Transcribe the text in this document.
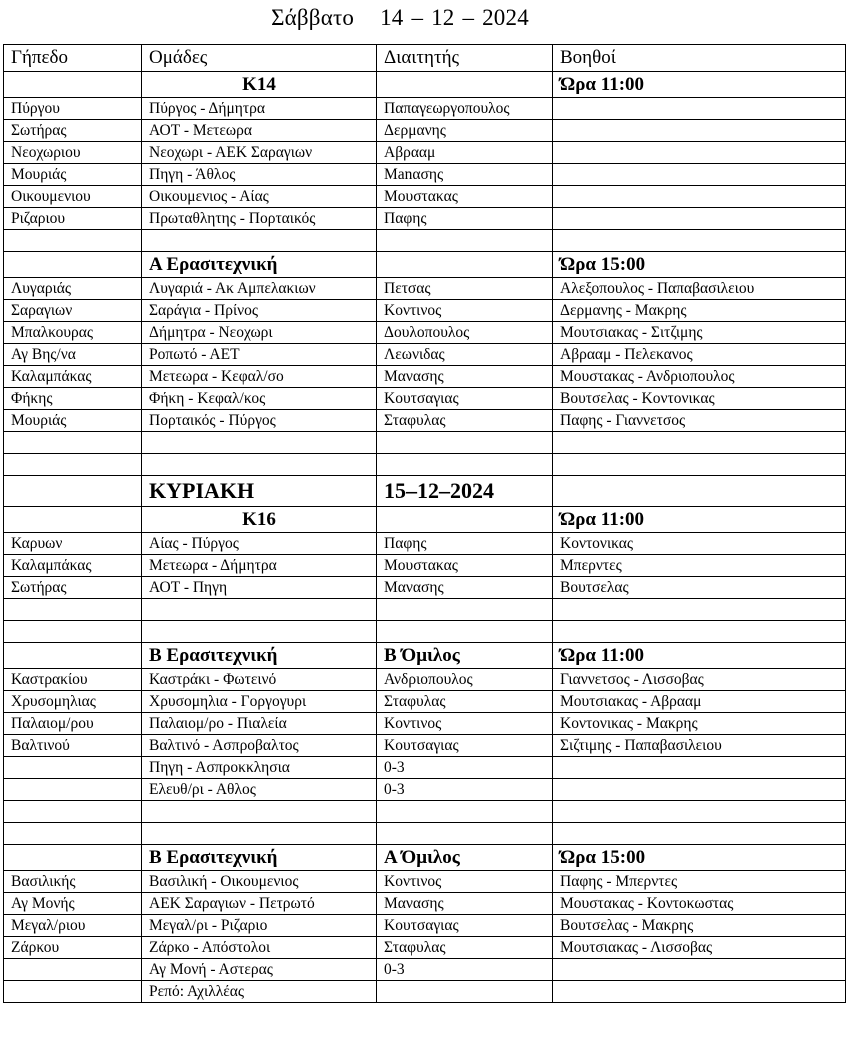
Σάββατο 14 – 12 – 2024
Γήπεδο	Ομάδες	Διαιτητής	Βοηθοί
	Κ14		Ώρα 11:00
Πύργου	Πύργος - Δήμητρα	Παπαγεωργοπουλος	
Σωτήρας	ΑΟΤ - Μετεωρα	Δερμανης	
Νεοχωριου	Νεοχωρι - ΑΕΚ Σαραγιων	Αβρααμ	
Μουριάς	Πηγη - Άθλος	Manασης	
Οικουμενιου	Οικουμενιος - Αίας	Μουστακας	
Ριζαριου	Πρωταθλητης - Πορταικός	Παφης	

	Α Ερασιτεχνική		Ώρα 15:00
Λυγαριάς	Λυγαριά - Ακ Αμπελακιων	Πετσας	Αλεξοπουλος - Παπαβασιλειου
Σαραγιων	Σαράγια - Πρίνος	Κοντινος	Δερμανης - Μακρης
Μπαλκουρας	Δήμητρα - Νεοχωρι	Δουλοπουλος	Μουτσιακας - Σιτζιμης
Αγ Βης/να	Ροπωτό - ΑΕΤ	Λεωνιδας	Αβρααμ - Πελεκανος
Καλαμπάκας	Μετεωρα - Κεφαλ/σο	Μανασης	Μουστακας - Ανδριοπουλος
Φήκης	Φήκη - Κεφαλ/κος	Κουτσαγιας	Βουτσελας - Κοντονικας
Μουριάς	Πορταικός - Πύργος	Σταφυλας	Παφης - Γιαννετσος

	ΚΥΡΙΑΚΗ	15–12–2024	
	Κ16		Ώρα 11:00
Καρυων	Αίας - Πύργος	Παφης	Κοντονικας
Καλαμπάκας	Μετεωρα - Δήμητρα	Μουστακας	Μπερντες
Σωτήρας	ΑΟΤ - Πηγη	Μανασης	Βουτσελας

	Β Ερασιτεχνική	Β Όμιλος	Ώρα 11:00
Καστρακίου	Καστράκι - Φωτεινό	Ανδριοπουλος	Γιαννετσος - Λισσοβας
Χρυσομηλιας	Χρυσομηλια - Γοργογυρι	Σταφυλας	Μουτσιακας - Αβρααμ
Παλαιομ/ρου	Παλαιομ/ρο - Πιαλεία	Κοντινος	Κοντονικας - Μακρης
Βαλτινού	Βαλτινό - Ασπροβαλτος	Κουτσαγιας	Σιζτιμης - Παπαβασιλειου
	Πηγη - Ασπροκκλησια	0-3	
	Ελευθ/ρι - Αθλος	0-3	

	Β Ερασιτεχνική	Α Όμιλος	Ώρα 15:00
Βασιλικής	Βασιλική - Οικουμενιος	Κοντινος	Παφης - Μπερντες
Αγ Μονής	ΑΕΚ Σαραγιων - Πετρωτό	Μανασης	Μουστακας - Κοντοκωστας
Μεγαλ/ριου	Μεγαλ/ρι - Ριζαριο	Κουτσαγιας	Βουτσελας - Μακρης
Ζάρκου	Ζάρκο - Απόστολοι	Σταφυλας	Μουτσιακας - Λισσοβας
	Αγ Μονή - Αστερας	0-3	
	Ρεπό: Αχιλλέας		
